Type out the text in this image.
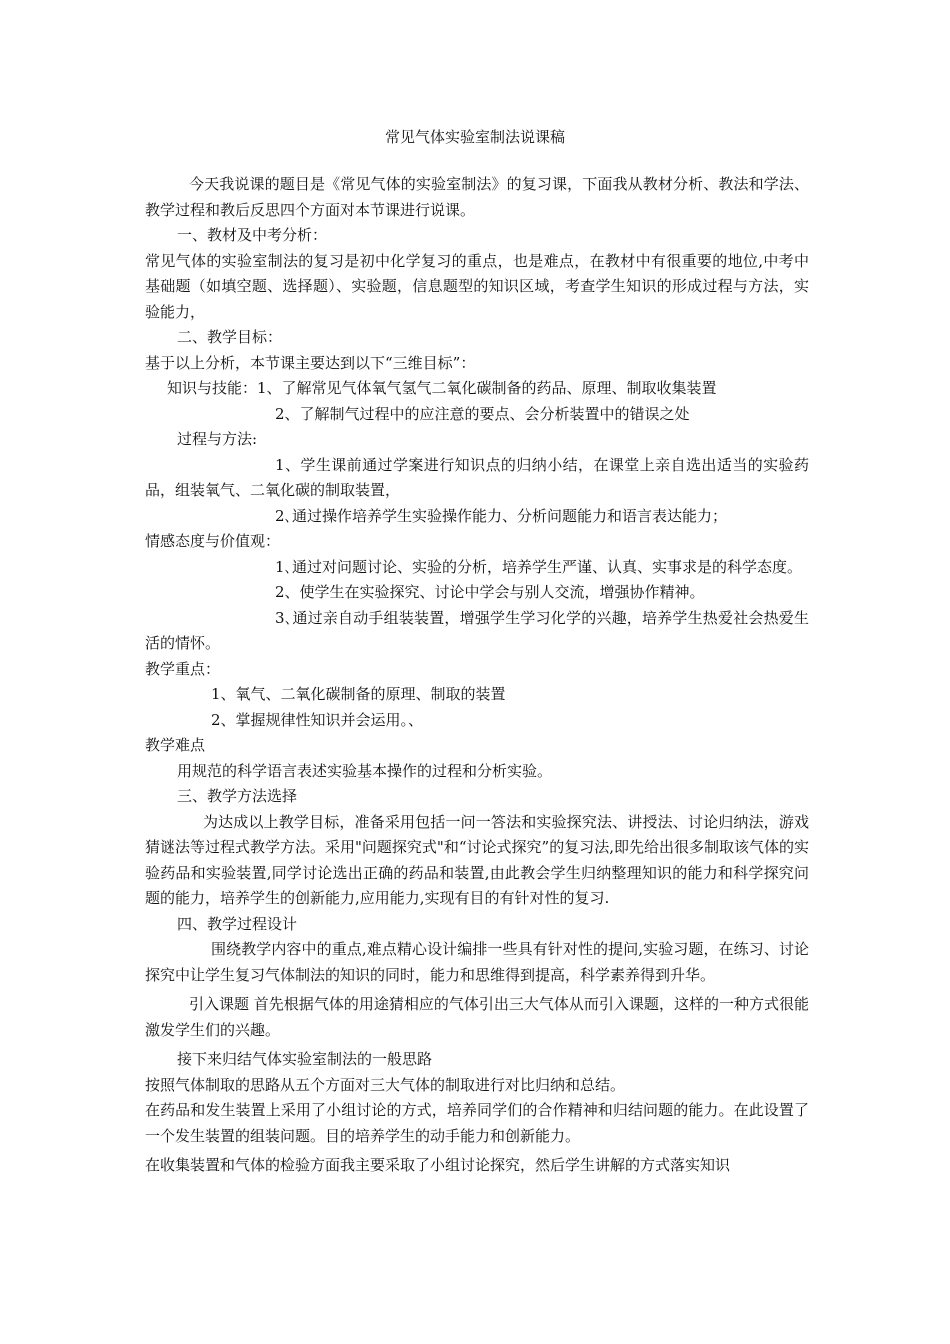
常见气体实验室制法说课稿

今天我说课的题目是《常见气体的实验室制法》的复习课，下面我从教材分析、教法和学法、教学过程和教后反思四个方面对本节课进行说课。

一、教材及中考分析：

常见气体的实验室制法的复习是初中化学复习的重点，也是难点，在教材中有很重要的地位,中考中基础题（如填空题、选择题）、实验题，信息题型的知识区域，考查学生知识的形成过程与方法，实验能力，

二、教学目标：

基于以上分析，本节课主要达到以下“三维目标”：

知识与技能：1、了解常见气体氧气氢气二氧化碳制备的药品、原理、制取收集装置

2、了解制气过程中的应注意的要点、会分析装置中的错误之处

过程与方法:

1、学生课前通过学案进行知识点的归纳小结，在课堂上亲自选出适当的实验药品，组装氧气、二氧化碳的制取装置，

2､通过操作培养学生实验操作能力、分析问题能力和语言表达能力；

情感态度与价值观：

1､通过对问题讨论、实验的分析，培养学生严谨、认真、实事求是的科学态度。

2、使学生在实验探究、讨论中学会与别人交流，增强协作精神。

3､通过亲自动手组装装置，增强学生学习化学的兴趣，培养学生热爱社会热爱生活的情怀。

教学重点：

1、氧气、二氧化碳制备的原理、制取的装置

2、掌握规律性知识并会运用。、

教学难点

用规范的科学语言表述实验基本操作的过程和分析实验。

三、教学方法选择

为达成以上教学目标，准备采用包括一问一答法和实验探究法、讲授法、讨论归纳法，游戏猜谜法等过程式教学方法。采用"问题探究式"和“讨论式探究”的复习法,即先给出很多制取该气体的实验药品和实验装置,同学讨论选出正确的药品和装置,由此教会学生归纳整理知识的能力和科学探究问题的能力，培养学生的创新能力,应用能力,实现有目的有针对性的复习.

四、教学过程设计

围绕教学内容中的重点,难点精心设计编排一些具有针对性的提问,实验习题，在练习、讨论探究中让学生复习气体制法的知识的同时，能力和思维得到提高，科学素养得到升华。

引入课题 首先根据气体的用途猜相应的气体引出三大气体从而引入课题，这样的一种方式很能激发学生们的兴趣。

接下来归结气体实验室制法的一般思路

按照气体制取的思路从五个方面对三大气体的制取进行对比归纳和总结。

在药品和发生装置上采用了小组讨论的方式，培养同学们的合作精神和归结问题的能力。在此设置了一个发生装置的组装问题。目的培养学生的动手能力和创新能力。

在收集装置和气体的检验方面我主要采取了小组讨论探究，然后学生讲解的方式落实知识
